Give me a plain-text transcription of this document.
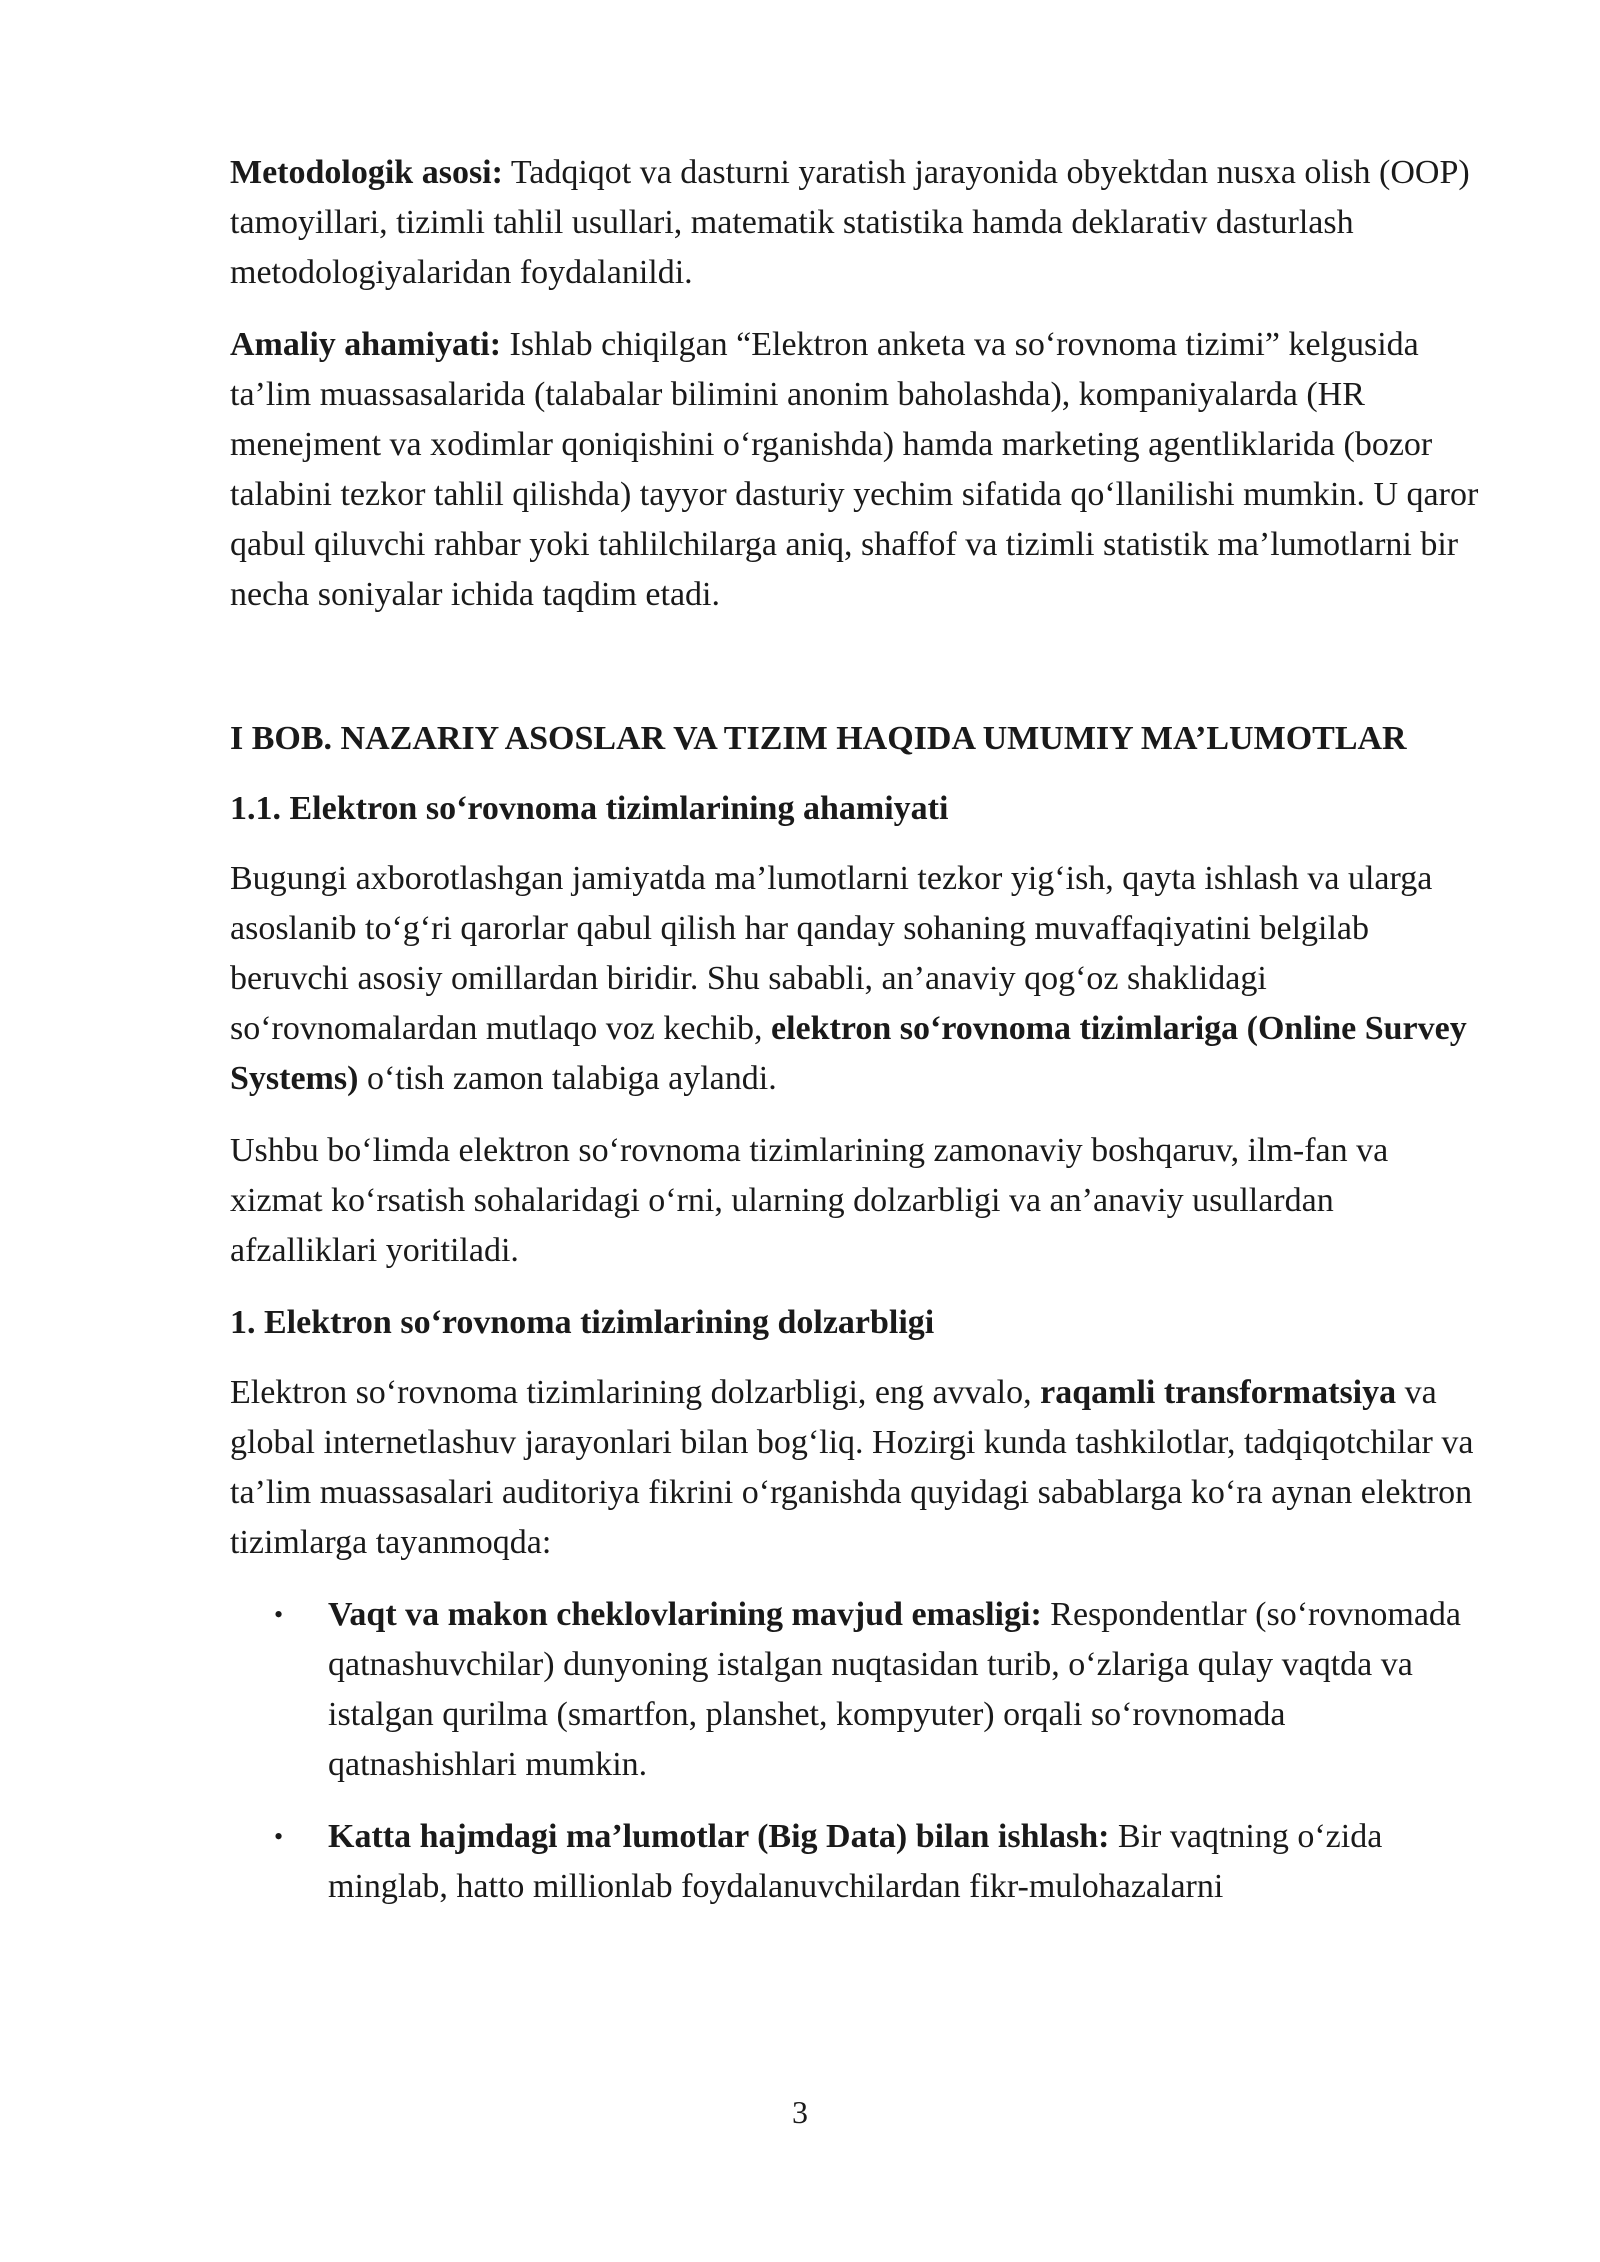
Metodologik asosi: Tadqiqot va dasturni yaratish jarayonida obyektdan nusxa olish (OOP) tamoyillari, tizimli tahlil usullari, matematik statistika hamda deklarativ dasturlash metodologiyalaridan foydalanildi.

Amaliy ahamiyati: Ishlab chiqilgan “Elektron anketa va so‘rovnoma tizimi” kelgusida ta’lim muassasalarida (talabalar bilimini anonim baholashda), kompaniyalarda (HR menejment va xodimlar qoniqishini o‘rganishda) hamda marketing agentliklarida (bozor talabini tezkor tahlil qilishda) tayyor dasturiy yechim sifatida qo‘llanilishi mumkin. U qaror qabul qiluvchi rahbar yoki tahlilchilarga aniq, shaffof va tizimli statistik ma’lumotlarni bir necha soniyalar ichida taqdim etadi.

I BOB. NAZARIY ASOSLAR VA TIZIM HAQIDA UMUMIY MA’LUMOTLAR
1.1. Elektron so‘rovnoma tizimlarining ahamiyati

Bugungi axborotlashgan jamiyatda ma’lumotlarni tezkor yig‘ish, qayta ishlash va ularga asoslanib to‘g‘ri qarorlar qabul qilish har qanday sohaning muvaffaqiyatini belgilab beruvchi asosiy omillardan biridir. Shu sababli, an’anaviy qog‘oz shaklidagi so‘rovnomalardan mutlaqo voz kechib, elektron so‘rovnoma tizimlariga (Online Survey Systems) o‘tish zamon talabiga aylandi.

Ushbu bo‘limda elektron so‘rovnoma tizimlarining zamonaviy boshqaruv, ilm-fan va xizmat ko‘rsatish sohalaridagi o‘rni, ularning dolzarbligi va an’anaviy usullardan afzalliklari yoritiladi.

1. Elektron so‘rovnoma tizimlarining dolzarbligi

Elektron so‘rovnoma tizimlarining dolzarbligi, eng avvalo, raqamli transformatsiya va global internetlashuv jarayonlari bilan bog‘liq. Hozirgi kunda tashkilotlar, tadqiqotchilar va ta’lim muassasalari auditoriya fikrini o‘rganishda quyidagi sabablarga ko‘ra aynan elektron tizimlarga tayanmoqda:

• Vaqt va makon cheklovlarining mavjud emasligi: Respondentlar (so‘rovnomada qatnashuvchilar) dunyoning istalgan nuqtasidan turib, o‘zlariga qulay vaqtda va istalgan qurilma (smartfon, planshet, kompyuter) orqali so‘rovnomada qatnashishlari mumkin.
• Katta hajmdagi ma’lumotlar (Big Data) bilan ishlash: Bir vaqtning o‘zida minglab, hatto millionlab foydalanuvchilardan fikr-mulohazalarni
3
